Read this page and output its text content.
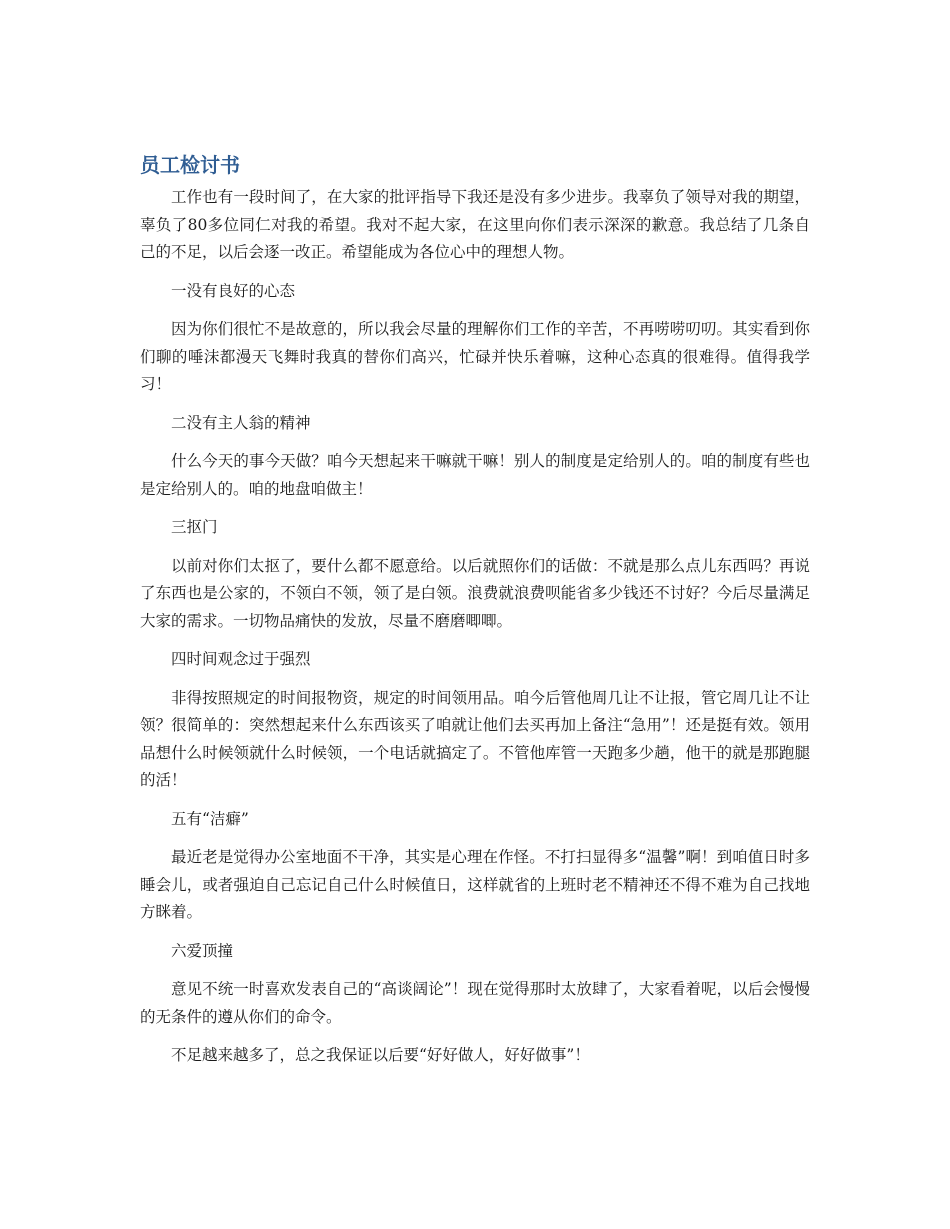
员工检讨书

工作也有一段时间了，在大家的批评指导下我还是没有多少进步。我辜负了领导对我的期望，辜负了80多位同仁对我的希望。我对不起大家，在这里向你们表示深深的歉意。我总结了几条自己的不足，以后会逐一改正。希望能成为各位心中的理想人物。

一没有良好的心态

因为你们很忙不是故意的，所以我会尽量的理解你们工作的辛苦，不再唠唠叨叨。其实看到你们聊的唾沫都漫天飞舞时我真的替你们高兴，忙碌并快乐着嘛，这种心态真的很难得。值得我学习！

二没有主人翁的精神

什么今天的事今天做？咱今天想起来干嘛就干嘛！别人的制度是定给别人的。咱的制度有些也是定给别人的。咱的地盘咱做主！

三抠门

以前对你们太抠了，要什么都不愿意给。以后就照你们的话做：不就是那么点儿东西吗？再说了东西也是公家的，不领白不领，领了是白领。浪费就浪费呗能省多少钱还不讨好？今后尽量满足大家的需求。一切物品痛快的发放，尽量不磨磨唧唧。

四时间观念过于强烈

非得按照规定的时间报物资，规定的时间领用品。咱今后管他周几让不让报，管它周几让不让领？很简单的：突然想起来什么东西该买了咱就让他们去买再加上备注“急用”！还是挺有效。领用品想什么时候领就什么时候领，一个电话就搞定了。不管他库管一天跑多少趟，他干的就是那跑腿的活！

五有“洁癖”

最近老是觉得办公室地面不干净，其实是心理在作怪。不打扫显得多“温馨”啊！到咱值日时多睡会儿，或者强迫自己忘记自己什么时候值日，这样就省的上班时老不精神还不得不难为自己找地方眯着。

六爱顶撞

意见不统一时喜欢发表自己的“高谈阔论”！现在觉得那时太放肆了，大家看着呢，以后会慢慢的无条件的遵从你们的命令。

不足越来越多了，总之我保证以后要“好好做人，好好做事”！
